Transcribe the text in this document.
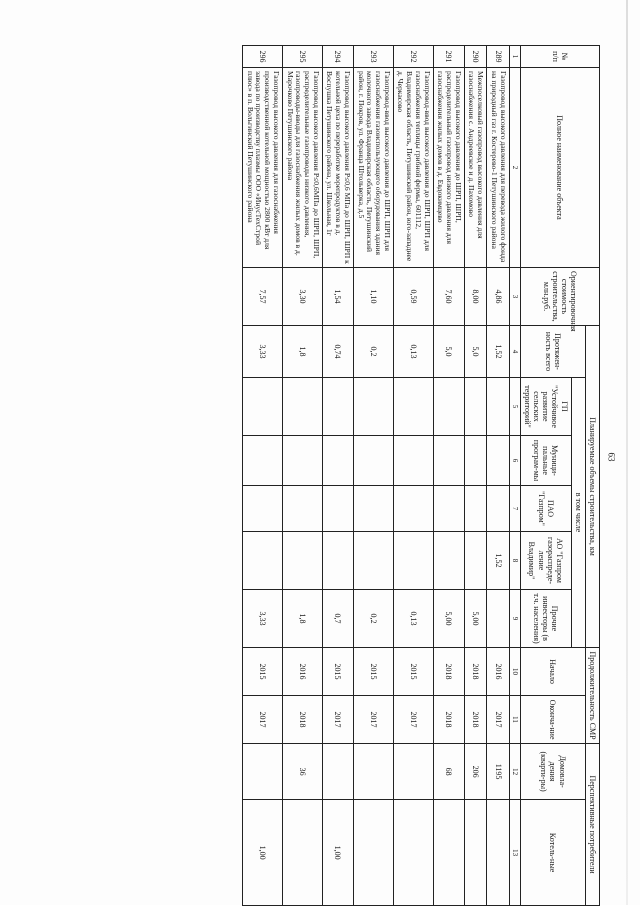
№ п/п	Полное наименование объекта	Ориентировочная стоимость строительства, млн.руб.	Планируемые объемы строительства, км						Продолжительность СМР		Перспективные потребители	
			Протяжен-ность всего	в том числе					Начало	Оконча-ние	Домовла-дения (кварти-ры)	Котель-ные
				ГП "Устойчивое развитие сельских территорий"	Муници-пальные програм-мы	ПАО "Газпром"	АО "Газпром газораспреде-ление Владимир"	Прочие инвесторы (в т.ч. населения)				
1	2	3	4	5	6	7	8	9	10	11	12	13
289	Газопровод высокого давления для перевода жилого фонда на природный газ г. Костерево-1 Петушинского района	4,86	1,52				1,52		2016	2017	1195	
290	Межпоселковый газопровод высокого давления для газоснабжения с. Андреевское и д. Пахомово	8,00	5,0					5,00	2018	2018	206	
291	Газопровод высокого давления до ШРП, ШРП, распределительный газопровод низкого давления для газоснабжения жилых домов в д. Евдокимцево	7,60	5,0					5,00	2018	2018	68	
292	Газопровод-ввод высокого давления до ШРП, ШРП для газоснабжения теплицы грибной фермы, 601112, Владимирская область, Петушинский район, юго-западнее д. Черкасово	0,59	0,13					0,13	2015	2017		
293	Газопровод-ввод высокого давления до ШРП, ШРП для газоснабжения газоиспользующего оборудования здания молочного завода Владимирская область, Петушинский район, г. Покров, ул. Франца Штольверка, д.5	1,10	0,2					0,2	2015	2017		
294	Газопровод высокого давления P≤0,6 МПа до ШРП, ШРП к котельной цеха по переработке морепродуктов в д. Воспушка Петушинского района, ул. Школьная, 1г	1,54	0,74					0,7	2015	2017		1,00
295	Газопровод высокого давления P≤0,6МПа до ШРП, ШРП, распределительные газопроводы низкого давления, газопроводы-вводы для газоснабжения жилых домов в д. Марочково Петушинского района	3,30	1,8					1,8	2016	2018	36	
296	Газопровод высокого давления для газоснабжения производственной котельной мощностью 2800 кВт для завода по производству плазмы ООО «ИнусТехСтрой плюс» в п. Вольгинский Петушинского района	7,57	3,33					3,33	2015	2017		1,00
63
